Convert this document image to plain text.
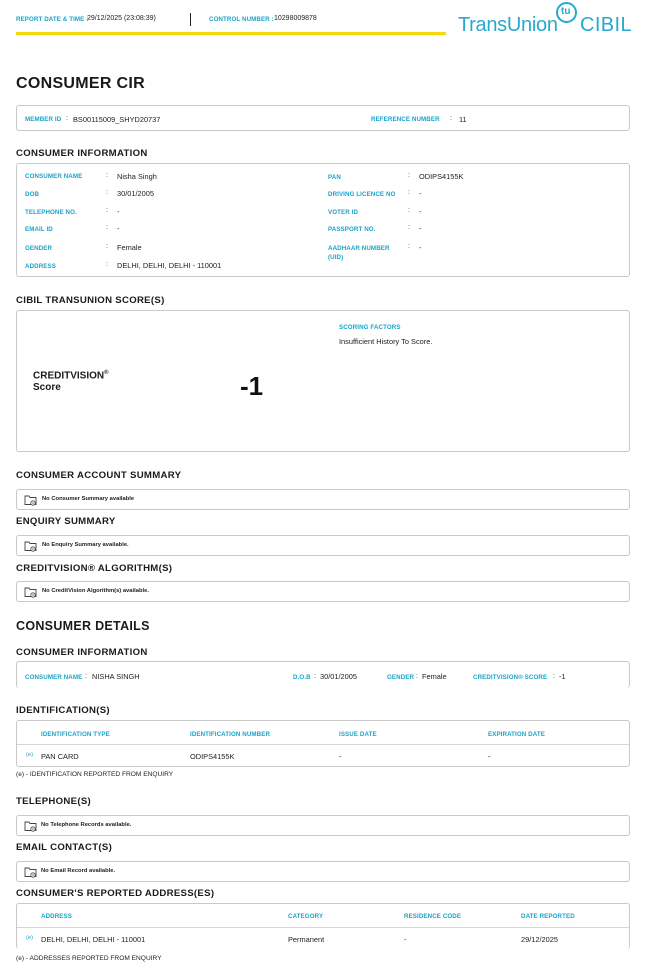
REPORT DATE & TIME :
29/12/2025 (23:08:39)	CONTROL NUMBER : 10298009878	TransUnion
tu
CIBIL
CONSUMER CIR
MEMBER ID : BS00115009_SHYD20737	REFERENCE NUMBER : 11
CONSUMER INFORMATION
CONSUMER NAME	: Nisha Singh
DOB	: 30/01/2005
TELEPHONE NO.	: -
EMAIL ID	: -
GENDER	: Female
ADDRESS	: DELHI, DELHI, DELHI - 110001
PAN	: ODIPS4155K
DRIVING LICENCE NO : -
VOTER ID	: -
PASSPORT NO.	: -
AADHAAR NUMBER
(UID)
: -
CIBIL TRANSUNION SCORE(S)
CREDITVISION®
Score	-1
SCORING FACTORS
Insufficient History To Score.
CONSUMER ACCOUNT SUMMARY
No Consumer Summary available
ENQUIRY SUMMARY
No Enquiry Summary available.
CREDITVISION® ALGORITHM(S)
No CreditVision Algorithm(s) available.
CONSUMER DETAILS
CONSUMER INFORMATION
CONSUMER NAME : NISHA SINGH	D.O.B : 30/01/2005	GENDER : Female	CREDITVISION® SCORE : -1
IDENTIFICATION(S)
IDENTIFICATION TYPE	IDENTIFICATION NUMBER	ISSUE DATE	EXPIRATION DATE
(e) PAN CARD	ODIPS4155K	-	-
(e) - IDENTIFICATION REPORTED FROM ENQUIRY
TELEPHONE(S)
No Telephone Records available.
EMAIL CONTACT(S)
No Email Record available.
CONSUMER'S REPORTED ADDRESS(ES)
ADDRESS	CATEGORY	RESIDENCE CODE	DATE REPORTED
(e) DELHI, DELHI, DELHI - 110001	Permanent	-	29/12/2025
(e) - ADDRESSES REPORTED FROM ENQUIRY
